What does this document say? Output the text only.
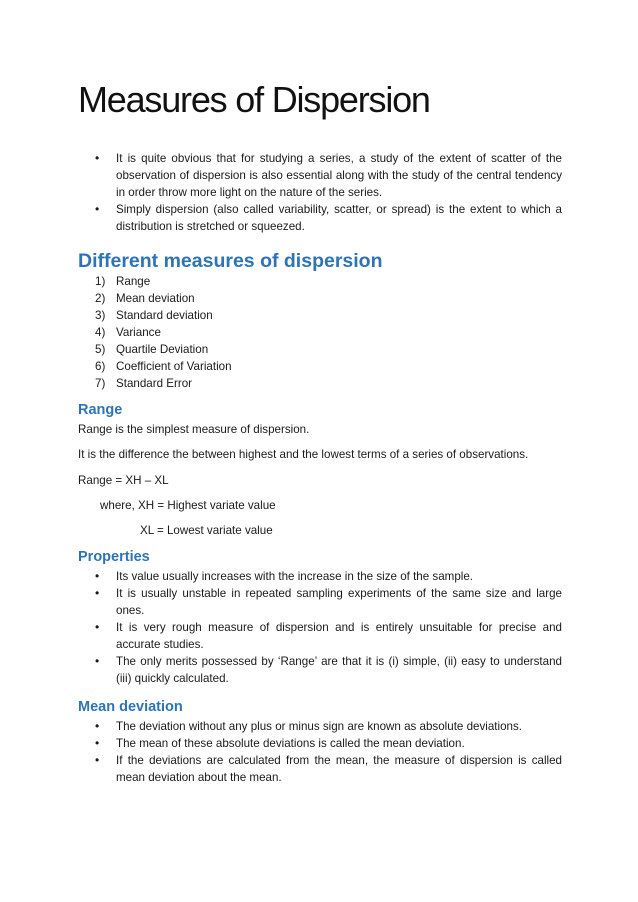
Measures of Dispersion
• It is quite obvious that for studying a series, a study of the extent of scatter of the observation of dispersion is also essential along with the study of the central tendency in order throw more light on the nature of the series.
• Simply dispersion (also called variability, scatter, or spread) is the extent to which a distribution is stretched or squeezed.
Different measures of dispersion
1) Range
2) Mean deviation
3) Standard deviation
4) Variance
5) Quartile Deviation
6) Coefficient of Variation
7) Standard Error
Range

Range is the simplest measure of dispersion.

It is the difference the between highest and the lowest terms of a series of observations.

Range = XH – XL

where, XH = Highest variate value

XL = Lowest variate value

Properties
• Its value usually increases with the increase in the size of the sample.
• It is usually unstable in repeated sampling experiments of the same size and large ones.
• It is very rough measure of dispersion and is entirely unsuitable for precise and accurate studies.
• The only merits possessed by ‘Range’ are that it is (i) simple, (ii) easy to understand (iii) quickly calculated.
Mean deviation
• The deviation without any plus or minus sign are known as absolute deviations.
• The mean of these absolute deviations is called the mean deviation.
• If the deviations are calculated from the mean, the measure of dispersion is called mean deviation about the mean.
